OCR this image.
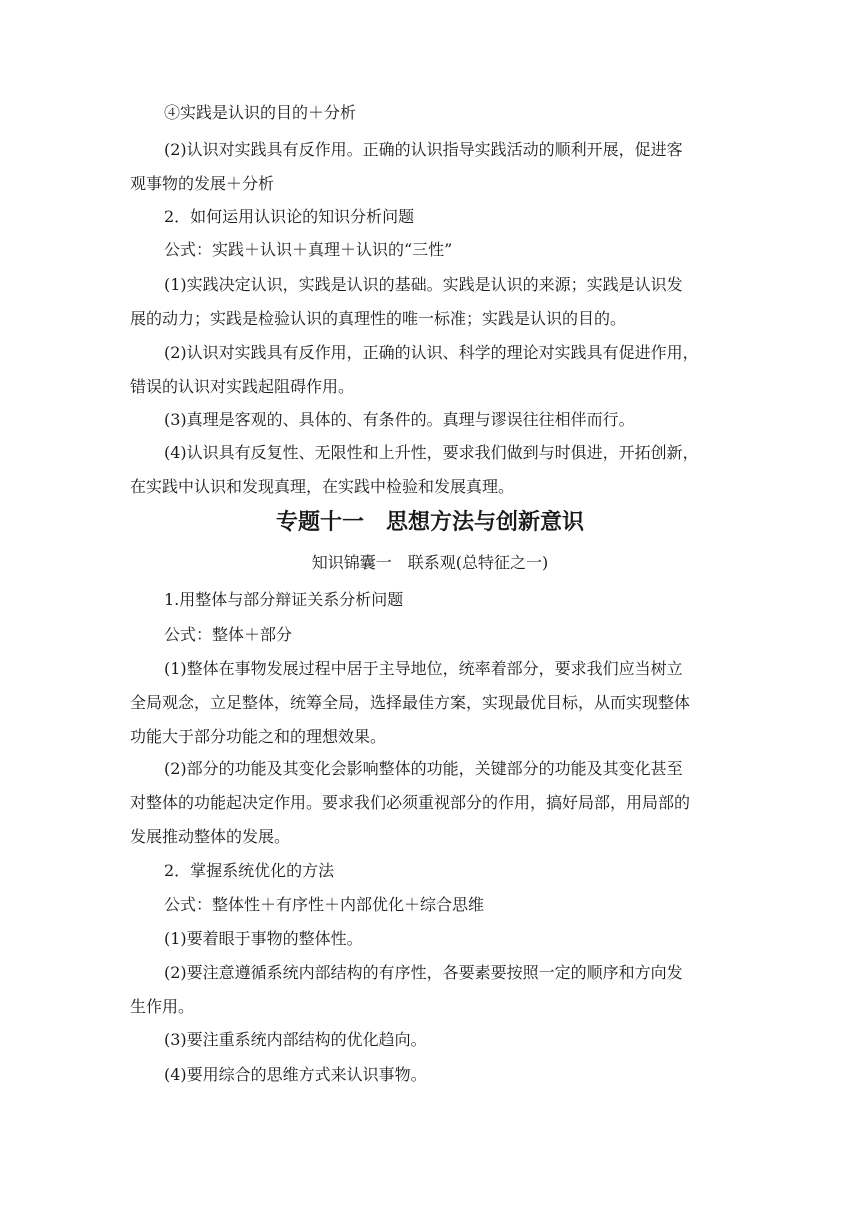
④实践是认识的目的＋分析
(2)认识对实践具有反作用。正确的认识指导实践活动的顺利开展，促进客
观事物的发展＋分析
2．如何运用认识论的知识分析问题
公式：实践＋认识＋真理＋认识的“三性”
(1)实践决定认识，实践是认识的基础。实践是认识的来源；实践是认识发
展的动力；实践是检验认识的真理性的唯一标准；实践是认识的目的。
(2)认识对实践具有反作用，正确的认识、科学的理论对实践具有促进作用，
错误的认识对实践起阻碍作用。
(3)真理是客观的、具体的、有条件的。真理与谬误往往相伴而行。
(4)认识具有反复性、无限性和上升性，要求我们做到与时俱进，开拓创新，
在实践中认识和发现真理，在实践中检验和发展真理。
专题十一　思想方法与创新意识
知识锦囊一　联系观(总特征之一)
1.用整体与部分辩证关系分析问题
公式：整体＋部分
(1)整体在事物发展过程中居于主导地位，统率着部分，要求我们应当树立
全局观念，立足整体，统筹全局，选择最佳方案，实现最优目标，从而实现整体
功能大于部分功能之和的理想效果。
(2)部分的功能及其变化会影响整体的功能，关键部分的功能及其变化甚至
对整体的功能起决定作用。要求我们必须重视部分的作用，搞好局部，用局部的
发展推动整体的发展。
2．掌握系统优化的方法
公式：整体性＋有序性＋内部优化＋综合思维
(1)要着眼于事物的整体性。
(2)要注意遵循系统内部结构的有序性，各要素要按照一定的顺序和方向发
生作用。
(3)要注重系统内部结构的优化趋向。
(4)要用综合的思维方式来认识事物。
